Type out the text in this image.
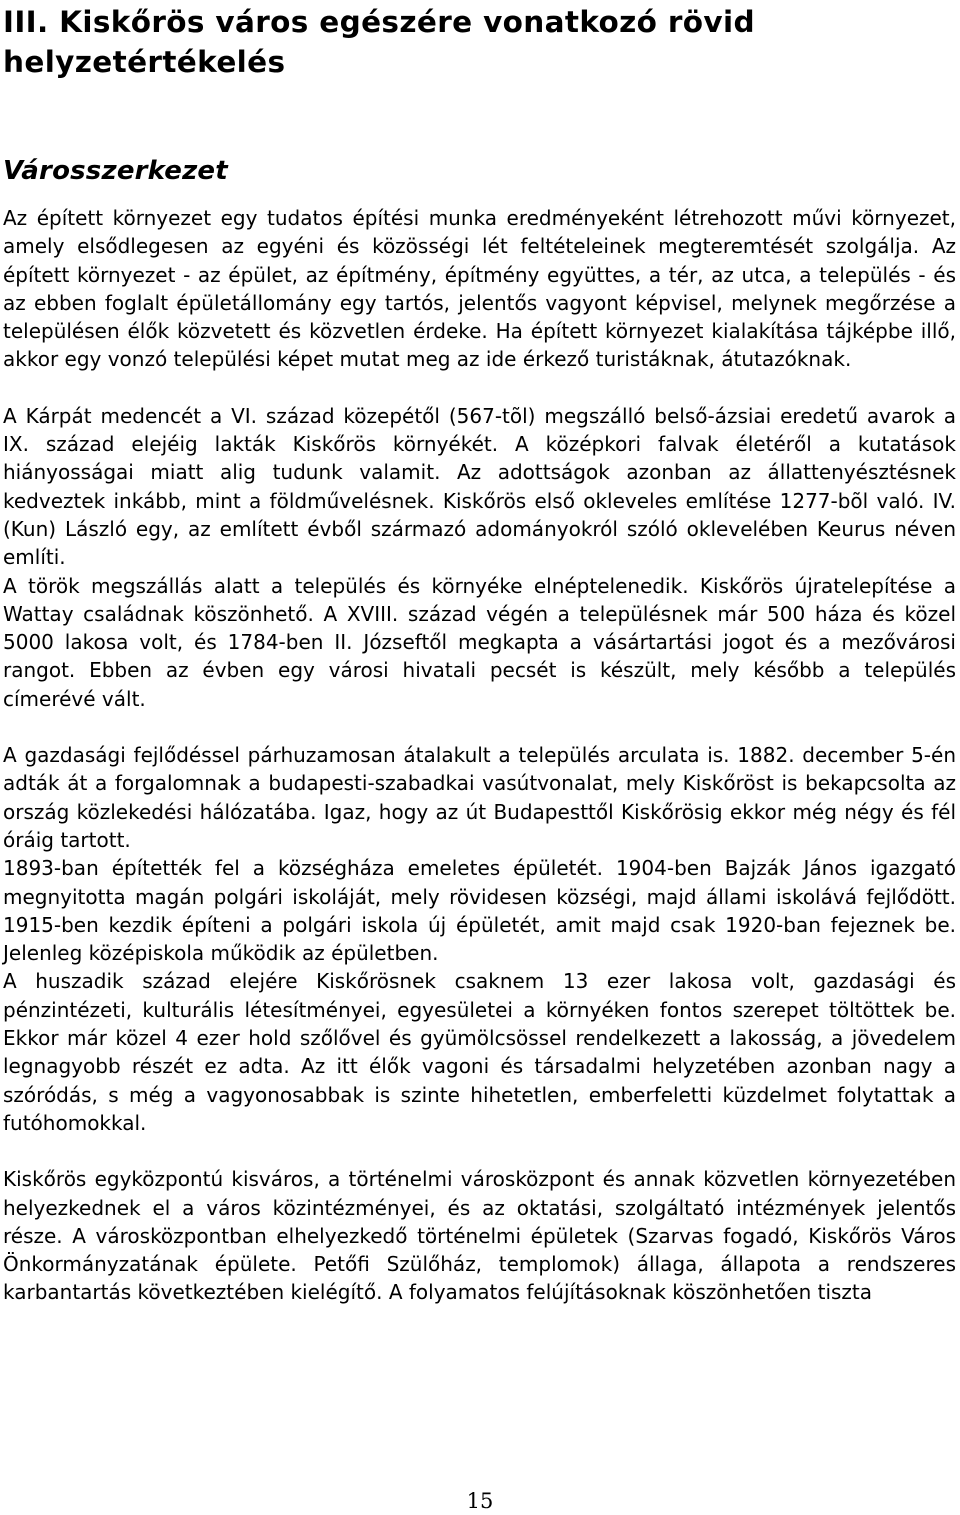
III. Kiskőrös város egészére vonatkozó rövid
helyzetértékelés
Városszerkezet

Az épített környezet egy tudatos építési munka eredményeként létrehozott művi környezet, amely elsődlegesen az egyéni és közösségi lét feltételeinek megteremtését szolgálja. Az épített környezet - az épület, az építmény, építmény együttes, a tér, az utca, a település - és az ebben foglalt épületállomány egy tartós, jelentős vagyont képvisel, melynek megőrzése a településen élők közvetett és közvetlen érdeke. Ha épített környezet kialakítása tájképbe illő, akkor egy vonzó települési képet mutat meg az ide érkező turistáknak, átutazóknak.

A Kárpát medencét a VI. század közepétől (567-tõl) megszálló belső-ázsiai eredetű avarok a IX. század elejéig lakták Kiskőrös környékét. A középkori falvak életéről a kutatások hiányosságai miatt alig tudunk valamit. Az adottságok azonban az állattenyésztésnek kedveztek inkább, mint a földművelésnek. Kiskőrös első okleveles említése 1277-bõl való. IV. (Kun) László egy, az említett évből származó adományokról szóló oklevelében Keurus néven említi.

A török megszállás alatt a település és környéke elnéptelenedik. Kiskőrös újratelepítése a Wattay családnak köszönhető. A XVIII. század végén a településnek már 500 háza és közel 5000 lakosa volt, és 1784-ben II. Józseftől megkapta a vásártartási jogot és a mezővárosi rangot. Ebben az évben egy városi hivatali pecsét is készült, mely később a település címerévé vált.

A gazdasági fejlődéssel párhuzamosan átalakult a település arculata is. 1882. december 5-én adták át a forgalomnak a budapesti-szabadkai vasútvonalat, mely Kiskőröst is bekapcsolta az ország közlekedési hálózatába. Igaz, hogy az út Budapesttől Kiskőrösig ekkor még négy és fél óráig tartott.

1893-ban építették fel a községháza emeletes épületét. 1904-ben Bajzák János igazgató megnyitotta magán polgári iskoláját, mely rövidesen községi, majd állami iskolává fejlődött. 1915-ben kezdik építeni a polgári iskola új épületét, amit majd csak 1920-ban fejeznek be. Jelenleg középiskola működik az épületben.

A huszadik század elejére Kiskőrösnek csaknem 13 ezer lakosa volt, gazdasági és pénzintézeti, kulturális létesítményei, egyesületei a környéken fontos szerepet töltöttek be. Ekkor már közel 4 ezer hold szőlővel és gyümölcsössel rendelkezett a lakosság, a jövedelem legnagyobb részét ez adta. Az itt élők vagoni és társadalmi helyzetében azonban nagy a szóródás, s még a vagyonosabbak is szinte hihetetlen, emberfeletti küzdelmet folytattak a futóhomokkal.

Kiskőrös egyközpontú kisváros, a történelmi városközpont és annak közvetlen környezetében helyezkednek el a város közintézményei, és az oktatási, szolgáltató intézmények jelentős része. A városközpontban elhelyezkedő történelmi épületek (Szarvas fogadó, Kiskőrös Város Önkormányzatának épülete. Petőfi Szülőház, templomok) állaga, állapota a rendszeres karbantartás következtében kielégítő. A folyamatos felújításoknak köszönhetően tiszta

15
